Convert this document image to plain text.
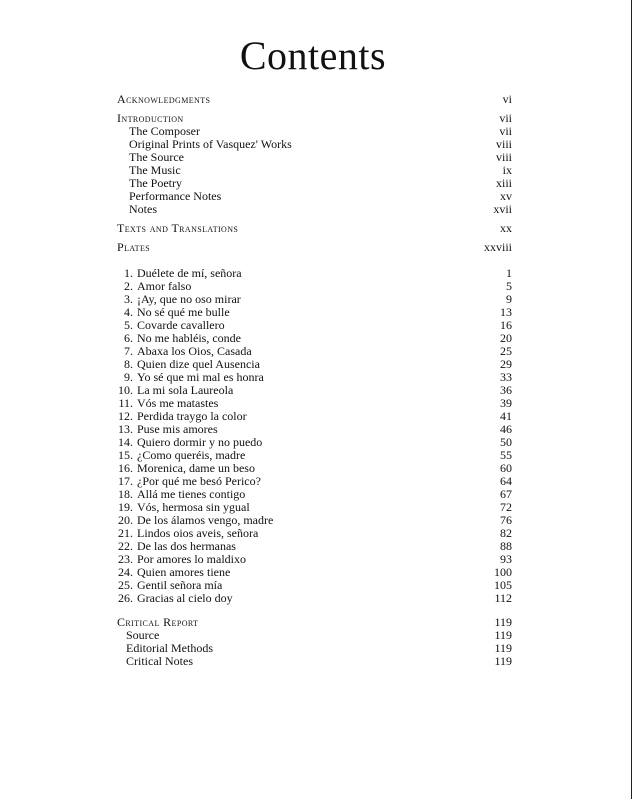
Contents
Acknowledgments	vi
Introduction	vii
The Composer	vii
Original Prints of Vasquez' Works	viii
The Source	viii
The Music	ix
The Poetry	xiii
Performance Notes	xv
Notes	xvii
Texts and Translations	xx
Plates	xxviii
1. Duélete de mí, señora	1
2. Amor falso	5
3. ¡Ay, que no oso mirar	9
4. No sé qué me bulle	13
5. Covarde cavallero	16
6. No me habléis, conde	20
7. Abaxa los Oios, Casada	25
8. Quien dize quel Ausencia	29
9. Yo sé que mi mal es honra	33
10. La mi sola Laureola	36
11. Vós me matastes	39
12. Perdida traygo la color	41
13. Puse mis amores	46
14. Quiero dormir y no puedo	50
15. ¿Como queréis, madre	55
16. Morenica, dame un beso	60
17. ¿Por qué me besó Perico?	64
18. Allá me tienes contigo	67
19. Vós, hermosa sin ygual	72
20. De los álamos vengo, madre	76
21. Lindos oios aveis, señora	82
22. De las dos hermanas	88
23. Por amores lo maldixo	93
24. Quien amores tiene	100
25. Gentil señora mía	105
26. Gracias al cielo doy	112
Critical Report	119
Source	119
Editorial Methods	119
Critical Notes	119
